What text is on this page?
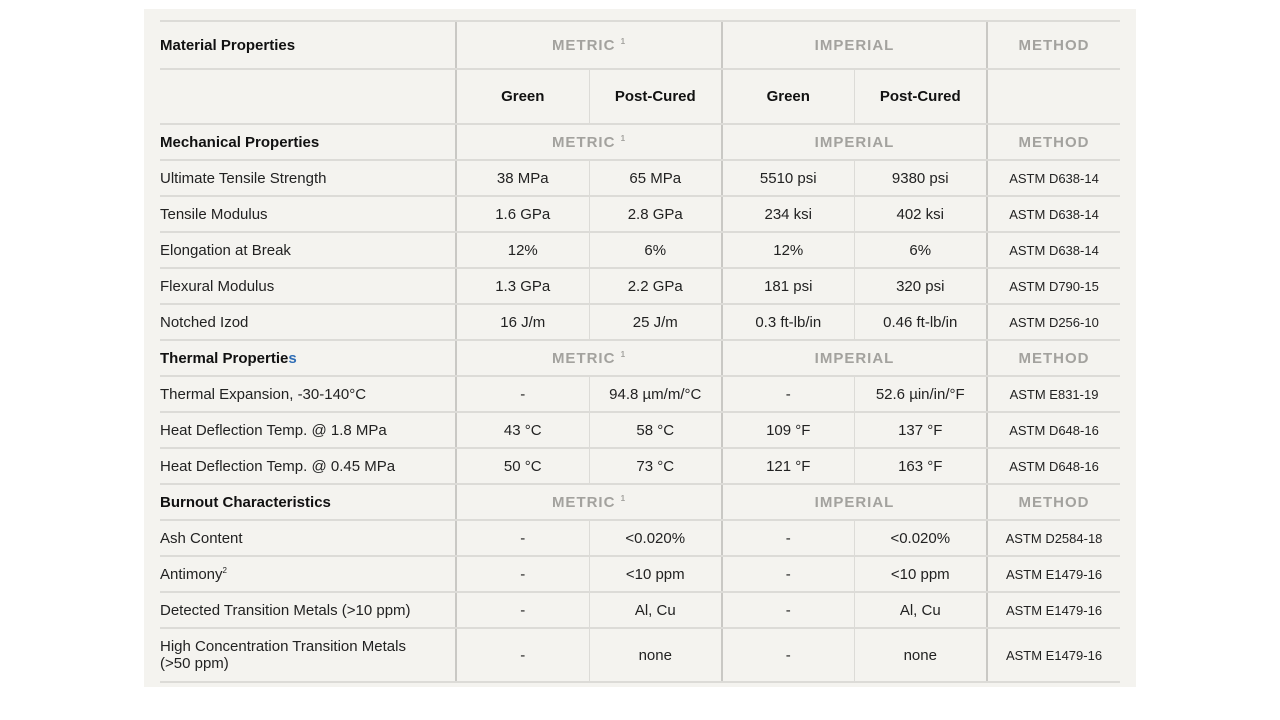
Material Properties	METRIC $^1$		IMPERIAL		METHOD
	Green	Post-Cured	Green	Post-Cured	
Mechanical Properties	METRIC $^1$		IMPERIAL		METHOD
Ultimate Tensile Strength	38 MPa	65 MPa	5510 psi	9380 psi	ASTM D638-14
Tensile Modulus	1.6 GPa	2.8 GPa	234 ksi	402 ksi	ASTM D638-14
Elongation at Break	12%	6%	12%	6%	ASTM D638-14
Flexural Modulus	1.3 GPa	2.2 GPa	181 psi	320 psi	ASTM D790-15
Notched Izod	16 J/m	25 J/m	0.3 ft-lb/in	0.46 ft-lb/in	ASTM D256-10
Thermal Properties	METRIC $^1$		IMPERIAL		METHOD
Thermal Expansion, -30-140°C	-	94.8 µm/m/°C	-	52.6 µin/in/°F	ASTM E831-19
Heat Deflection Temp. @ 1.8 MPa	43 °C	58 °C	109 °F	137 °F	ASTM D648-16
Heat Deflection Temp. @ 0.45 MPa	50 °C	73 °C	121 °F	163 °F	ASTM D648-16
Burnout Characteristics	METRIC $^1$		IMPERIAL		METHOD
Ash Content	-	<0.020%	-	<0.020%	ASTM D2584-18
Antimony$^2$	-	<10 ppm	-	<10 ppm	ASTM E1479-16
Detected Transition Metals (>10 ppm)	-	Al, Cu	-	Al, Cu	ASTM E1479-16
High Concentration Transition Metals
(>50 ppm)	-	none	-	none	ASTM E1479-16
